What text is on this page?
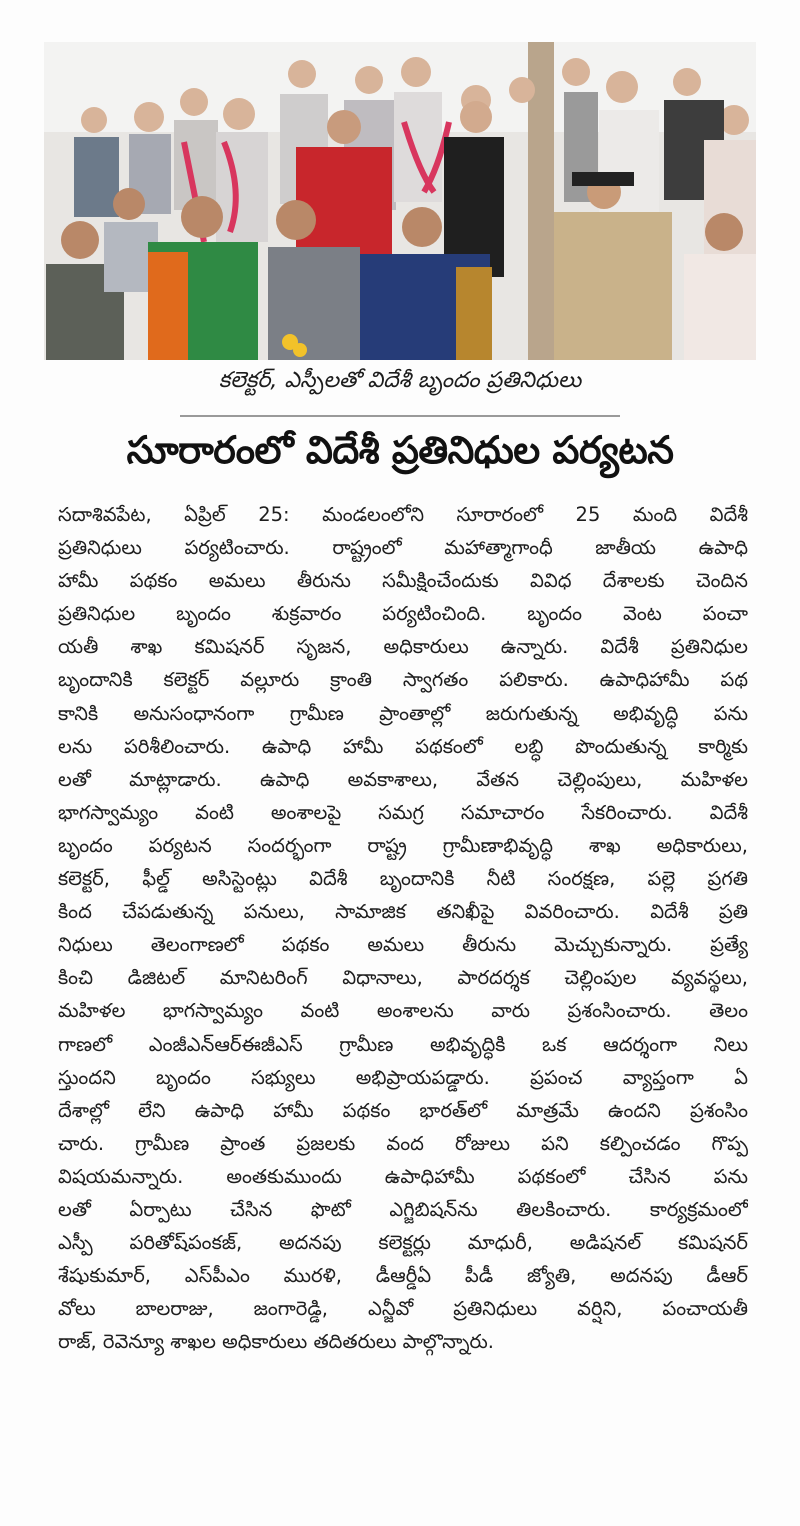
కలెక్టర్, ఎస్పీలతో విదేశీ బృందం ప్రతినిధులు
సూరారంలో విదేశీ ప్రతినిధుల పర్యటన
సదాశివపేట, ఏప్రిల్ 25: మండలంలోని సూరారంలో 25 మంది విదేశీ
ప్రతినిధులు పర్యటించారు. రాష్ట్రంలో మహాత్మాగాంధీ జాతీయ ఉపాధి
హామీ పథకం అమలు తీరును సమీక్షించేందుకు వివిధ దేశాలకు చెందిన
ప్రతినిధుల బృందం శుక్రవారం పర్యటించింది. బృందం వెంట పంచా
యతీ శాఖ కమిషనర్ సృజన, అధికారులు ఉన్నారు. విదేశీ ప్రతినిధుల
బృందానికి కలెక్టర్ వల్లూరు క్రాంతి స్వాగతం పలికారు. ఉపాధిహామీ పథ
కానికి అనుసంధానంగా గ్రామీణ ప్రాంతాల్లో జరుగుతున్న అభివృద్ధి పను
లను పరిశీలించారు. ఉపాధి హామీ పథకంలో లబ్ధి పొందుతున్న కార్మికు
లతో మాట్లాడారు. ఉపాధి అవకాశాలు, వేతన చెల్లింపులు, మహిళల
భాగస్వామ్యం వంటి అంశాలపై సమగ్ర సమాచారం సేకరించారు. విదేశీ
బృందం పర్యటన సందర్భంగా రాష్ట్ర గ్రామీణాభివృద్ధి శాఖ అధికారులు,
కలెక్టర్, ఫీల్డ్ అసిస్టెంట్లు విదేశీ బృందానికి నీటి సంరక్షణ, పల్లె ప్రగతి
కింద చేపడుతున్న పనులు, సామాజిక తనిఖీపై వివరించారు. విదేశీ ప్రతి
నిధులు తెలంగాణలో పథకం అమలు తీరును మెచ్చుకున్నారు. ప్రత్యే
కించి డిజిటల్ మానిటరింగ్ విధానాలు, పారదర్శక చెల్లింపుల వ్యవస్థలు,
మహిళల భాగస్వామ్యం వంటి అంశాలను వారు ప్రశంసించారు. తెలం
గాణలో ఎంజీఎన్ఆర్ఈజీఎస్ గ్రామీణ అభివృద్ధికి ఒక ఆదర్శంగా నిలు
స్తుందని బృందం సభ్యులు అభిప్రాయపడ్డారు. ప్రపంచ వ్యాప్తంగా ఏ
దేశాల్లో లేని ఉపాధి హామీ పథకం భారత్‌లో మాత్రమే ఉందని ప్రశంసిం
చారు. గ్రామీణ ప్రాంత ప్రజలకు వంద రోజులు పని కల్పించడం గొప్ప
విషయమన్నారు. అంతకుముందు ఉపాధిహామీ పథకంలో చేసిన పను
లతో ఏర్పాటు చేసిన ఫొటో ఎగ్జిబిషన్‌ను తిలకించారు. కార్యక్రమంలో
ఎస్పీ పరితోష్‌పంకజ్, అదనపు కలెక్టర్లు మాధురీ, అడిషనల్ కమిషనర్
శేషుకుమార్, ఎస్‌పీఎం మురళి, డీఆర్డీఏ పీడీ జ్యోతి, అదనపు డీఆర్
వోలు బాలరాజు, జంగారెడ్డి, ఎన్జీవో ప్రతినిధులు వర్షిని, పంచాయతీ
రాజ్, రెవెన్యూ శాఖల అధికారులు తదితరులు పాల్గొన్నారు.
